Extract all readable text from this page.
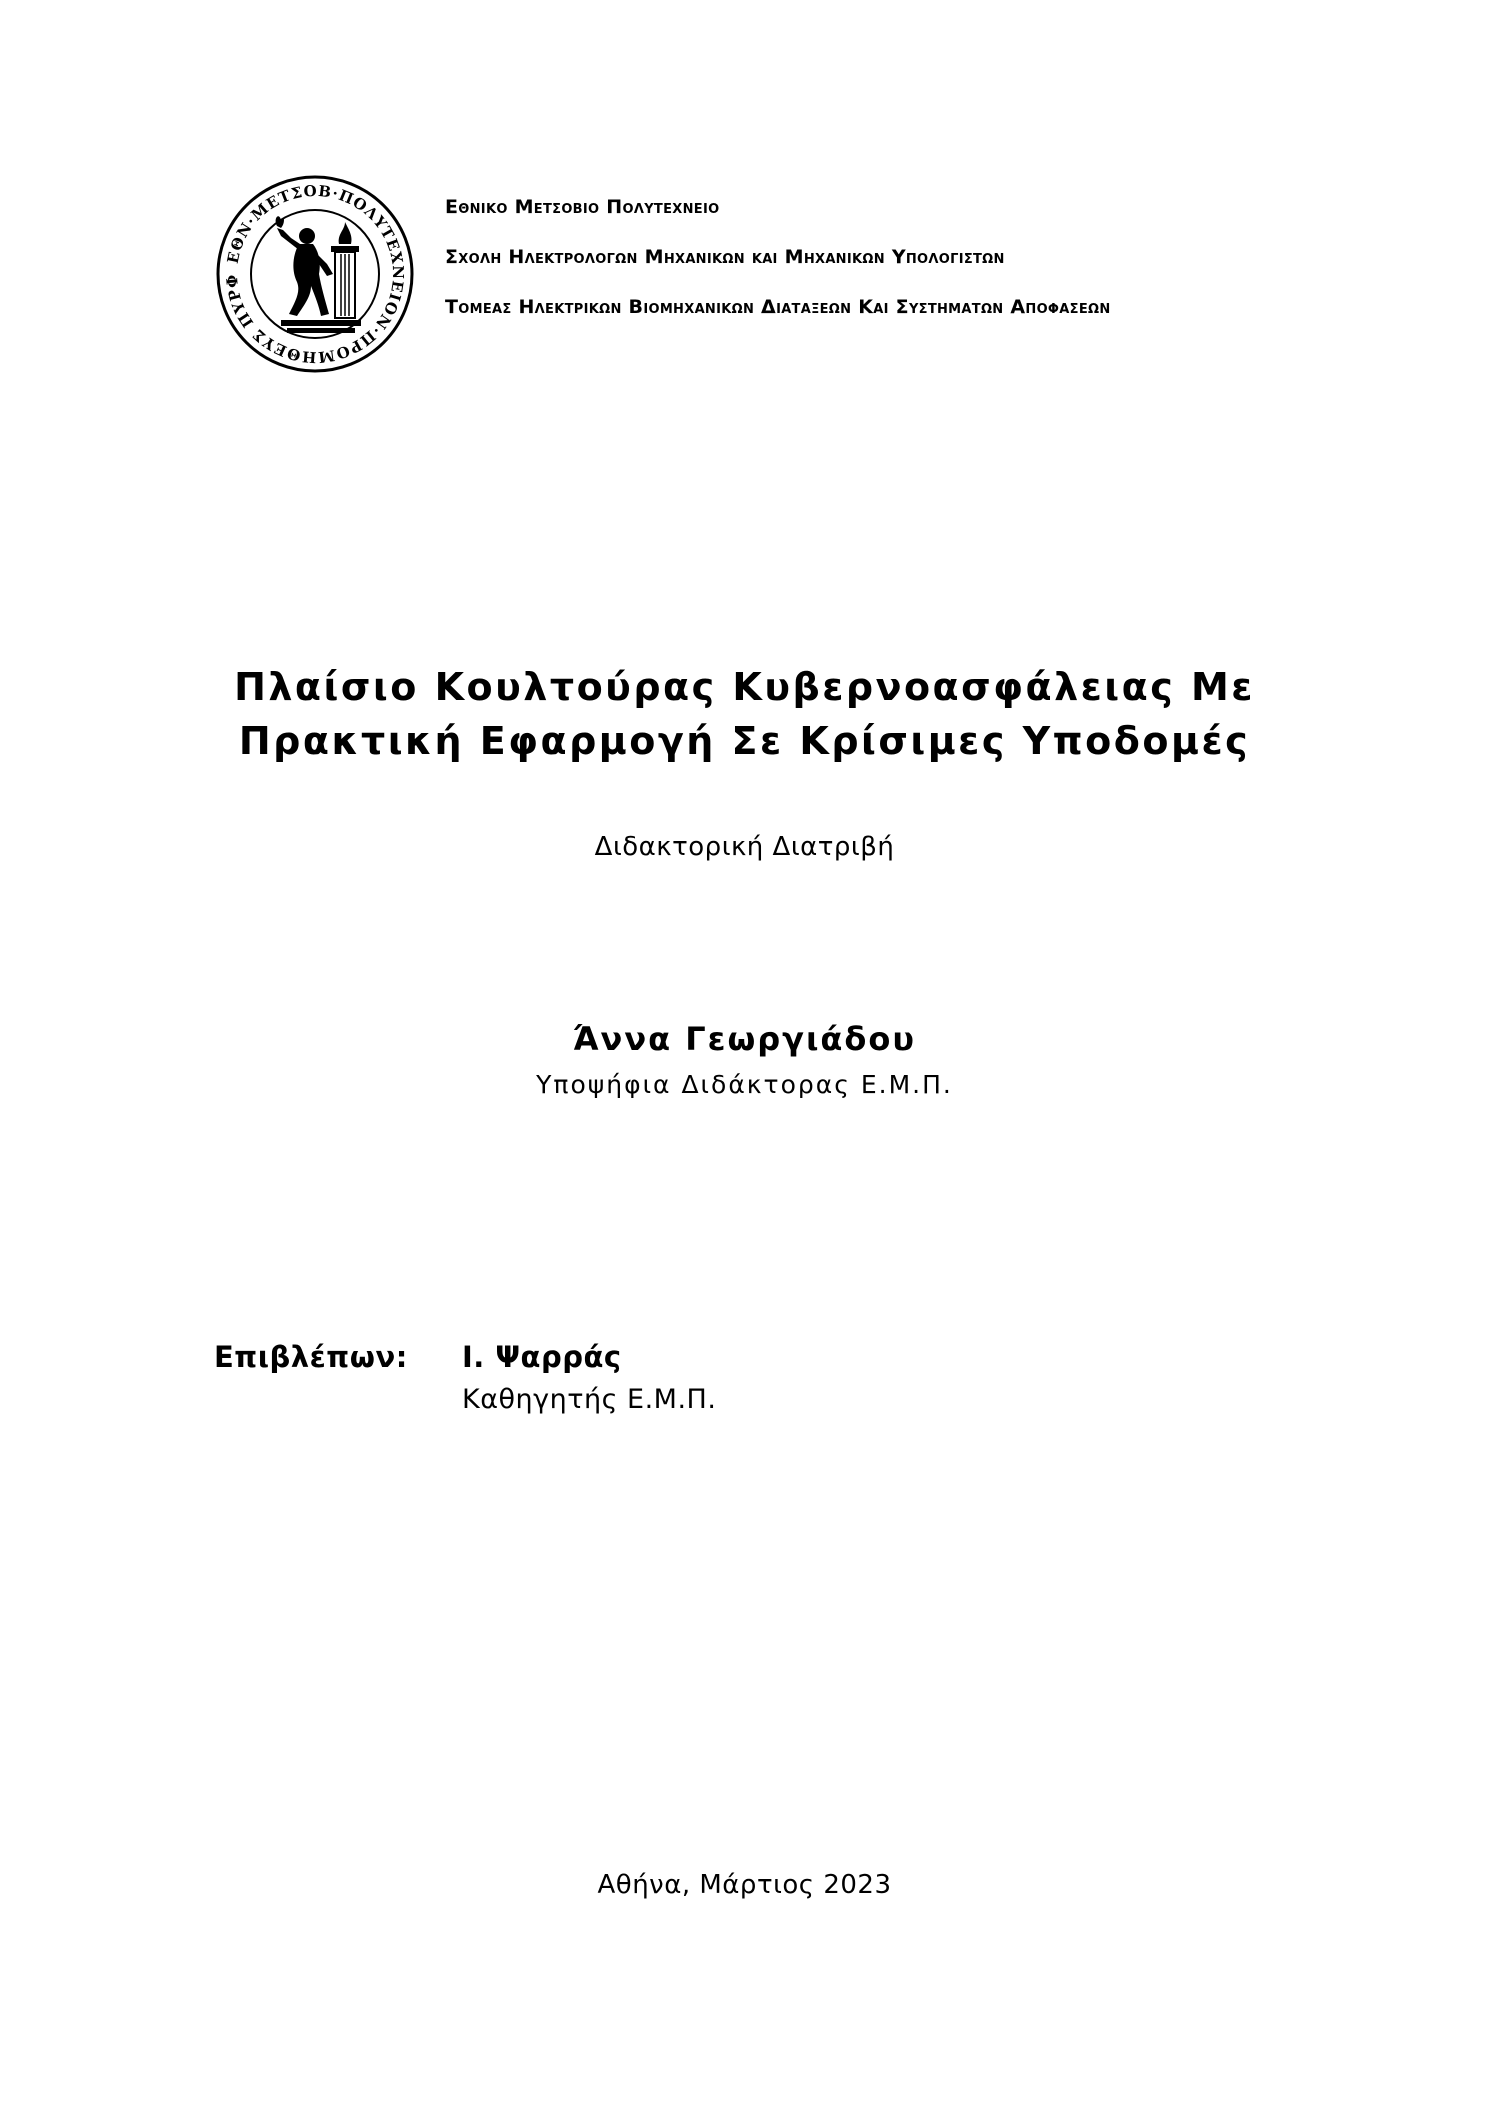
ΕΘΝ·ΜΕΤΣΟΒ·ΠΟΛΥΤΕΧΝΕΙΟΝ·ΠΡΟΜΗΘΕΥΣ ΠΥΡΦ
Εθνικο Μετσοβιο Πολυτεχνειο
Σχολη Ηλεκτρολογων Μηχανικων και Μηχανικων Υπολογιστων
Τομεας Ηλεκτρικων Βιομηχανικων Διαταξεων Και Συστηματων Αποφασεων
Πλαίσιο Κουλτούρας Κυβερνοασφάλειας Με
Πρακτική Εφαρμογή Σε Κρίσιμες Υποδομές
Διδακτορική Διατριβή
Άννα Γεωργιάδου
Υποψήφια Διδάκτορας Ε.Μ.Π.
Επιβλέπων: Ι. Ψαρράς
Καθηγητής Ε.Μ.Π.
Αθήνα, Μάρτιος 2023
